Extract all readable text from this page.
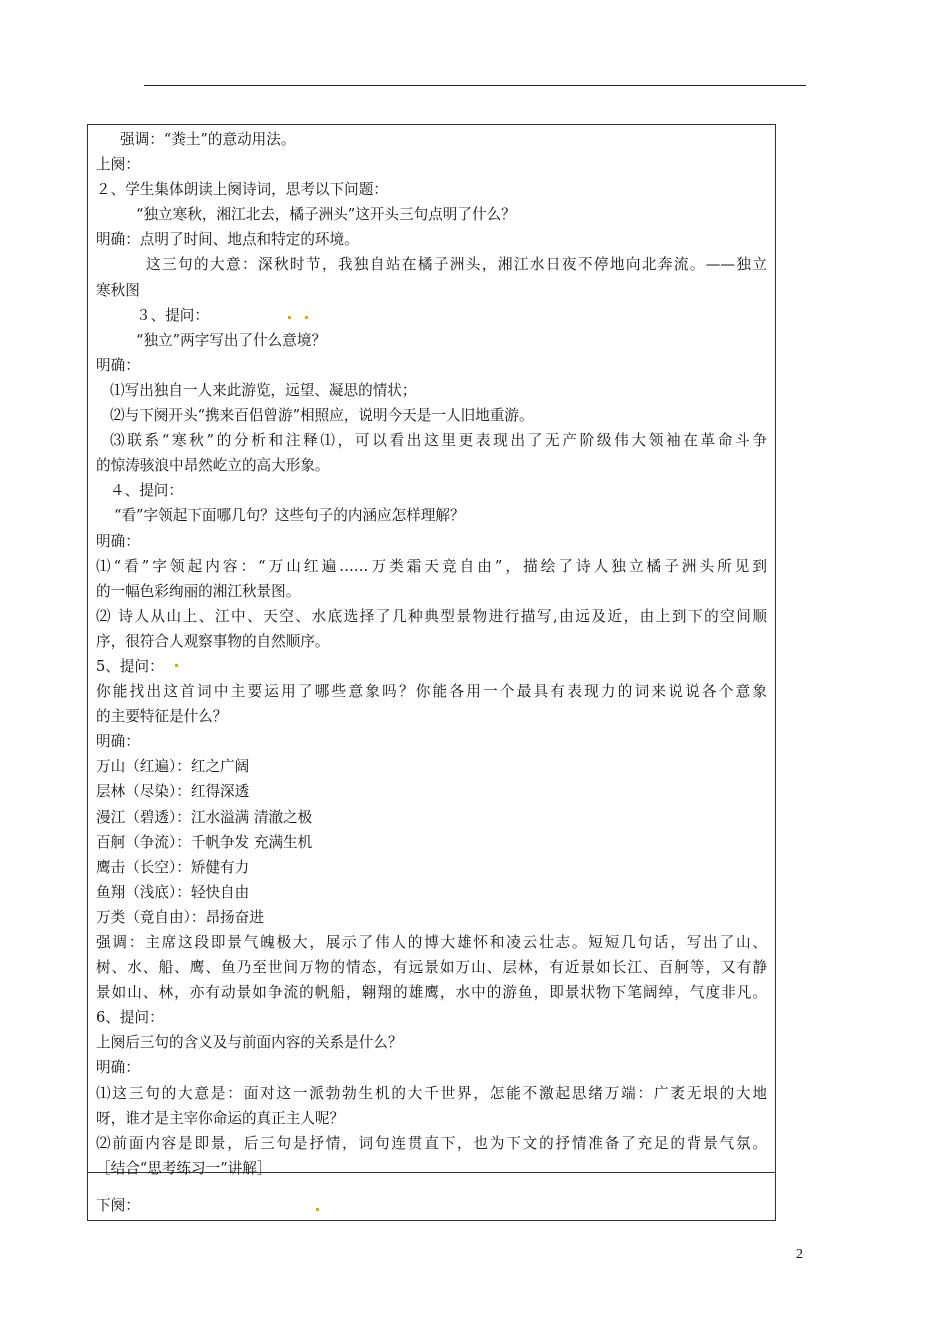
强调：“粪土”的意动用法。
上阕：
２、学生集体朗读上阕诗词，思考以下问题：
“独立寒秋，湘江北去，橘子洲头”这开头三句点明了什么？
明确：点明了时间、地点和特定的环境。
这三句的大意：深秋时节，我独自站在橘子洲头，湘江水日夜不停地向北奔流。——独立
寒秋图
３、提问：
“独立”两字写出了什么意境？
明确：
⑴写出独自一人来此游览，远望、凝思的情状；
⑵与下阕开头“携来百侣曾游”相照应，说明今天是一人旧地重游。
⑶联系“寒秋”的分析和注释⑴，可以看出这里更表现出了无产阶级伟大领袖在革命斗争
的惊涛骇浪中昂然屹立的高大形象。
４、提问：
“看”字领起下面哪几句？这些句子的内涵应怎样理解？
明确：
⑴“看”字领起内容：“万山红遍……万类霜天竞自由”，描绘了诗人独立橘子洲头所见到
的一幅色彩绚丽的湘江秋景图。
⑵ 诗人从山上、江中、天空、水底选择了几种典型景物进行描写,由远及近，由上到下的空间顺
序，很符合人观察事物的自然顺序。
5、提问：
你能找出这首词中主要运用了哪些意象吗？你能各用一个最具有表现力的词来说说各个意象
的主要特征是什么？
明确：
万山（红遍）：红之广阔
层林（尽染）：红得深透
漫江（碧透）：江水溢满 清澈之极
百舸（争流）：千帆争发 充满生机
鹰击（长空）：矫健有力
鱼翔（浅底）：轻快自由
万类（竟自由）：昂扬奋进
强调：主席这段即景气魄极大，展示了伟人的博大雄怀和凌云壮志。短短几句话，写出了山、
树、水、船、鹰、鱼乃至世间万物的情态，有远景如万山、层林，有近景如长江、百舸等，又有静
景如山、林，亦有动景如争流的帆船，翱翔的雄鹰，水中的游鱼，即景状物下笔阔绰，气度非凡。
6、提问：
上阕后三句的含义及与前面内容的关系是什么？
明确：
⑴这三句的大意是：面对这一派勃勃生机的大千世界，怎能不激起思绪万端：广袤无垠的大地
呀，谁才是主宰你命运的真正主人呢？
⑵前面内容是即景，后三句是抒情，词句连贯直下，也为下文的抒情准备了充足的背景气氛。
［结合“思考练习一”讲解］
下阕：
2
